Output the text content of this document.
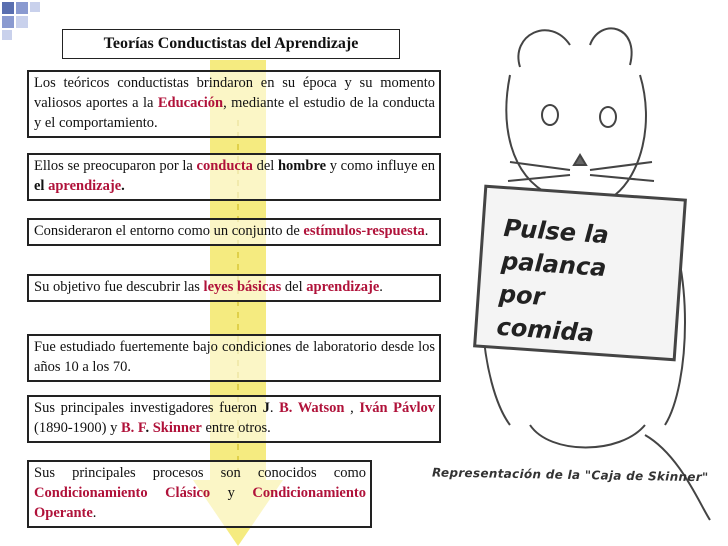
Pulse la palanca por comida
Representación de la "Caja de Skinner"
Teorías Conductistas del Aprendizaje
Los teóricos conductistas brindaron en su época y su momento valiosos aportes a la Educación, mediante el estudio de la conducta y el comportamiento.
Ellos se preocuparon por la conducta del hombre y como influye en el aprendizaje.
Consideraron el entorno como un conjunto de estímulos-respuesta.
Su objetivo fue descubrir las leyes básicas del aprendizaje.
Fue estudiado fuertemente bajo condiciones de laboratorio desde los años 10 a los 70.
Sus principales investigadores fueron J. B. Watson , Iván Pávlov (1890-1900) y B. F. Skinner entre otros.
Sus principales procesos son conocidos como Condicionamiento Clásico y Condicionamiento Operante.
